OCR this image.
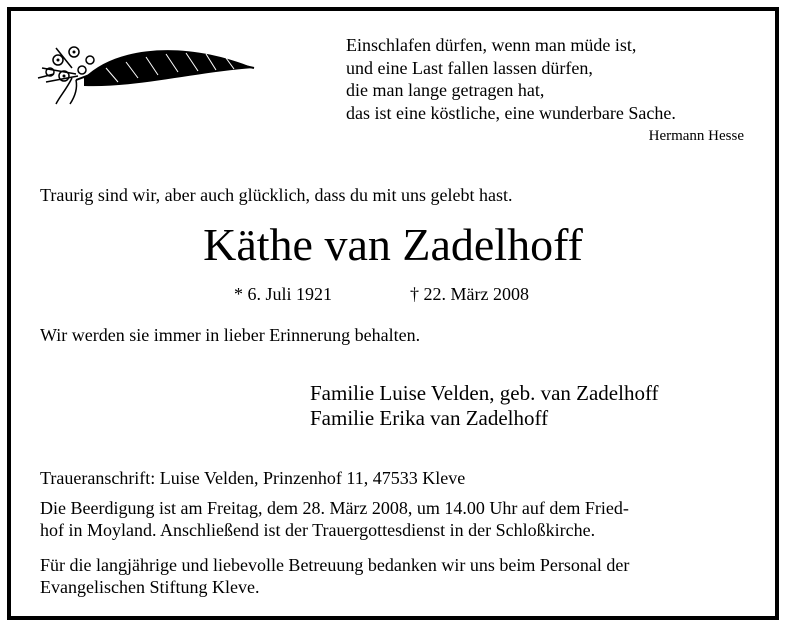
Einschlafen dürfen, wenn man müde ist,
und eine Last fallen lassen dürfen,
die man lange getragen hat,
das ist eine köstliche, eine wunderbare Sache.
Hermann Hesse
Traurig sind wir, aber auch glücklich, dass du mit uns gelebt hast.
Käthe van Zadelhoff
* 6. Juli 1921	† 22. März 2008
Wir werden sie immer in lieber Erinnerung behalten.
Familie Luise Velden, geb. van Zadelhoff
Familie Erika van Zadelhoff
Traueranschrift: Luise Velden, Prinzenhof 11, 47533 Kleve
Die Beerdigung ist am Freitag, dem 28. März 2008, um 14.00 Uhr auf dem Fried-
hof in Moyland. Anschließend ist der Trauergottesdienst in der Schloßkirche.
Für die langjährige und liebevolle Betreuung bedanken wir uns beim Personal der
Evangelischen Stiftung Kleve.
